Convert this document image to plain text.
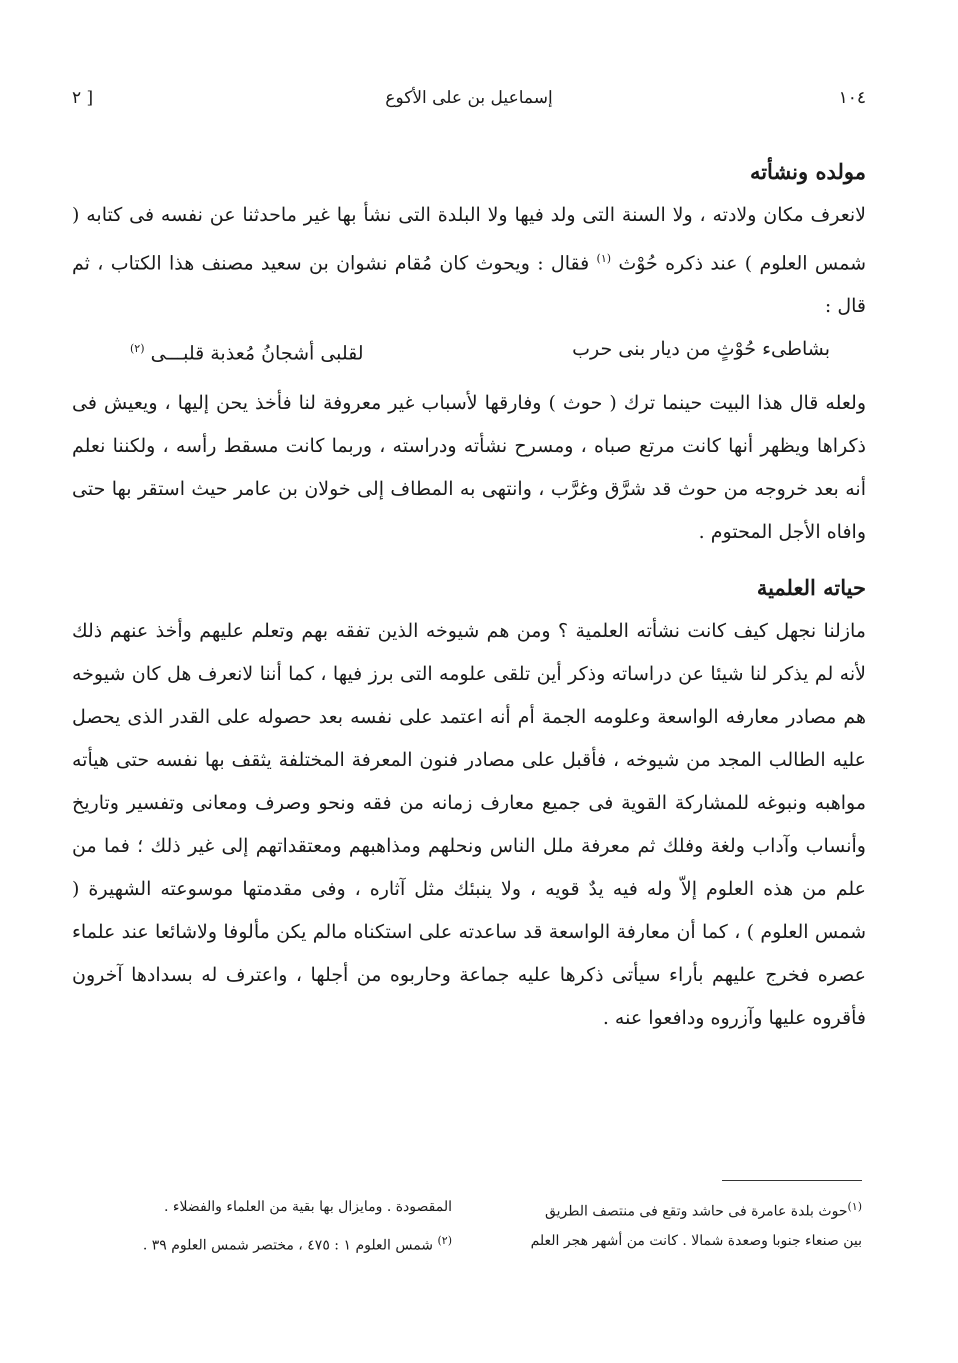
١٠٤
إسماعيل بن على الأكوع
[ ٢
مولده ونشأته

لانعرف مكان ولادته ، ولا السنة التى ولد فيها ولا البلدة التى نشأ بها غير ماحدثنا عن نفسه فى كتابه ( شمس العلوم ) عند ذكره حُوْث $^{(١)}$ فقال : ويحوث كان مُقام نشوان بن سعيد مصنف هذا الكتاب ، ثم قال :

بشاطىء حُوْثٍ من ديار بنى حرب
لقلبى أشجانُ مُعذبة قلبـــى $^{(٢)}$

ولعله قال هذا البيت حينما ترك ( حوث ) وفارقها لأسباب غير معروفة لنا فأخذ يحن إليها ، ويعيش فى ذكراها ويظهر أنها كانت مرتع صباه ، ومسرح نشأته ودراسته ، وربما كانت مسقط رأسه ، ولكننا نعلم أنه بعد خروجه من حوث قد شرَّق وغرَّب ، وانتهى به المطاف إلى خولان بن عامر حيث استقر بها حتى وافاه الأجل المحتوم .

حياته العلمية

مازلنا نجهل كيف كانت نشأته العلمية ؟ ومن هم شيوخه الذين تفقه بهم وتعلم عليهم وأخذ عنهم ذلك لأنه لم يذكر لنا شيئا عن دراساته وذكر أين تلقى علومه التى برز فيها ، كما أننا لانعرف هل كان شيوخه هم مصادر معارفه الواسعة وعلومه الجمة أم أنه اعتمد على نفسه بعد حصوله على القدر الذى يحصل عليه الطالب المجد من شيوخه ، فأقبل على مصادر فنون المعرفة المختلفة يثقف بها نفسه حتى هيأته مواهبه ونبوغه للمشاركة القوية فى جميع معارف زمانه من فقه ونحو وصرف ومعانى وتفسير وتاريخ وأنساب وآداب ولغة وفلك ثم معرفة ملل الناس ونحلهم ومذاهبهم ومعتقداتهم إلى غير ذلك ؛ فما من علم من هذه العلوم إلاّ وله فيه يدٌ قويه ، ولا ينبئك مثل آثاره ، وفى مقدمتها موسوعته الشهيرة ( شمس العلوم ) ، كما أن معارفة الواسعة قد ساعدته على استكناه مالم يكن مألوفا ولاشائعا عند علماء عصره فخرج عليهم بأراء سيأتى ذكرها عليه جماعة وحاربوه من أجلها ، واعترف له بسدادها آخرون فأقروه عليها وآزروه ودافعوا عنه .

$^{(١)}$حوث بلدة عامرة فى حاشد وتقع فى منتصف الطريق
المقصودة . ومايزال بها بقية من العلماء والفضلاء .
بين صنعاء جنوبا وصعدة شمالا . كانت من أشهر هجر العلم
$^{(٢)}$ شمس العلوم ١ : ٤٧٥ ، مختصر شمس العلوم ٣٩ .
